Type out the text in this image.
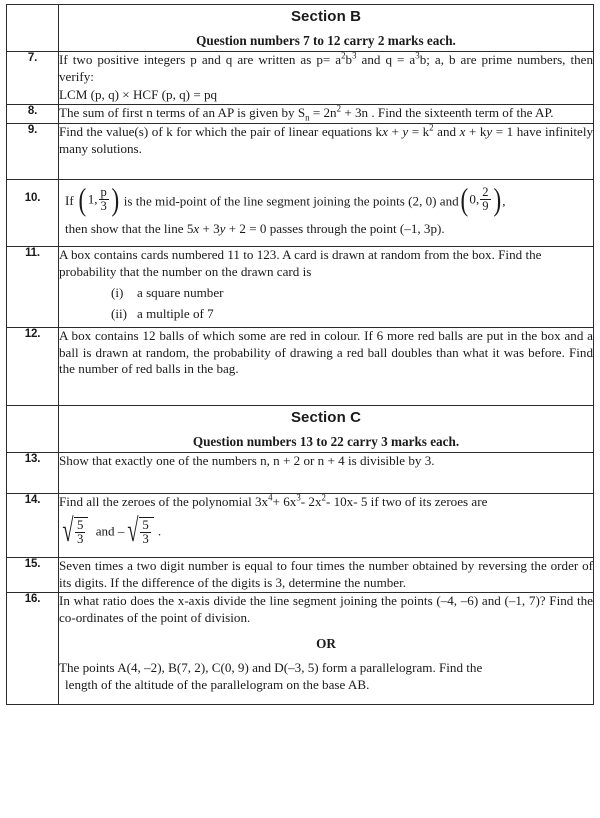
	Section B
Question numbers 7 to 12 carry 2 marks each.

7.	If two positive integers p and q are written as $p= a^2b^3$ and $q = a^3b$; a, b are prime numbers, then verify:

LCM (p, q) × HCF (p, q) = pq

8.	The sum of first n terms of an AP is given by $S_n = 2n^2 + 3n$ . Find the sixteenth term of the AP.

9.	Find the value(s) of k for which the pair of linear equations kx + $y = k^2$ and x + ky = 1 have infinitely many solutions.

10.	If (1, $\frac{p}{3}$ ) is the mid-point of the line segment joining the points (2, 0) and(0, $\frac{2}{9}$ ),

then show that the line 5x + 3y + 2 = 0 passes through the point (–1, 3p).

11.	A box contains cards numbered 11 to 123. A card is drawn at random from the box. Find the probability that the number on the drawn card is

(i) a square number
(ii) a multiple of 7

12.	A box contains 12 balls of which some are red in colour. If 6 more red balls are put in the box and a ball is drawn at random, the probability of drawing a red ball doubles than what it was before. Find the number of red balls in the bag.

	Section C
Question numbers 13 to 22 carry 3 marks each.

13.	Show that exactly one of the numbers n, n + 2 or n + 4 is divisible by 3.

14.	Find all the zeroes of the polynomial $3x^4+ 6x^3-$ $2x^2-$ 10x- 5 if two of its zeroes are

√ $\frac{5}{3}$ and – √ $\frac{5}{3}$ .

15.	Seven times a two digit number is equal to four times the number obtained by reversing the order of its digits. If the difference of the digits is 3, determine the number.

16.	In what ratio does the x-axis divide the line segment joining the points (–4, –6) and (–1, 7)? Find the co-ordinates of the point of division.

OR

The points A(4, –2), B(7, 2), C(0, 9) and D(–3, 5) form a parallelogram. Find the

length of the altitude of the parallelogram on the base AB.
